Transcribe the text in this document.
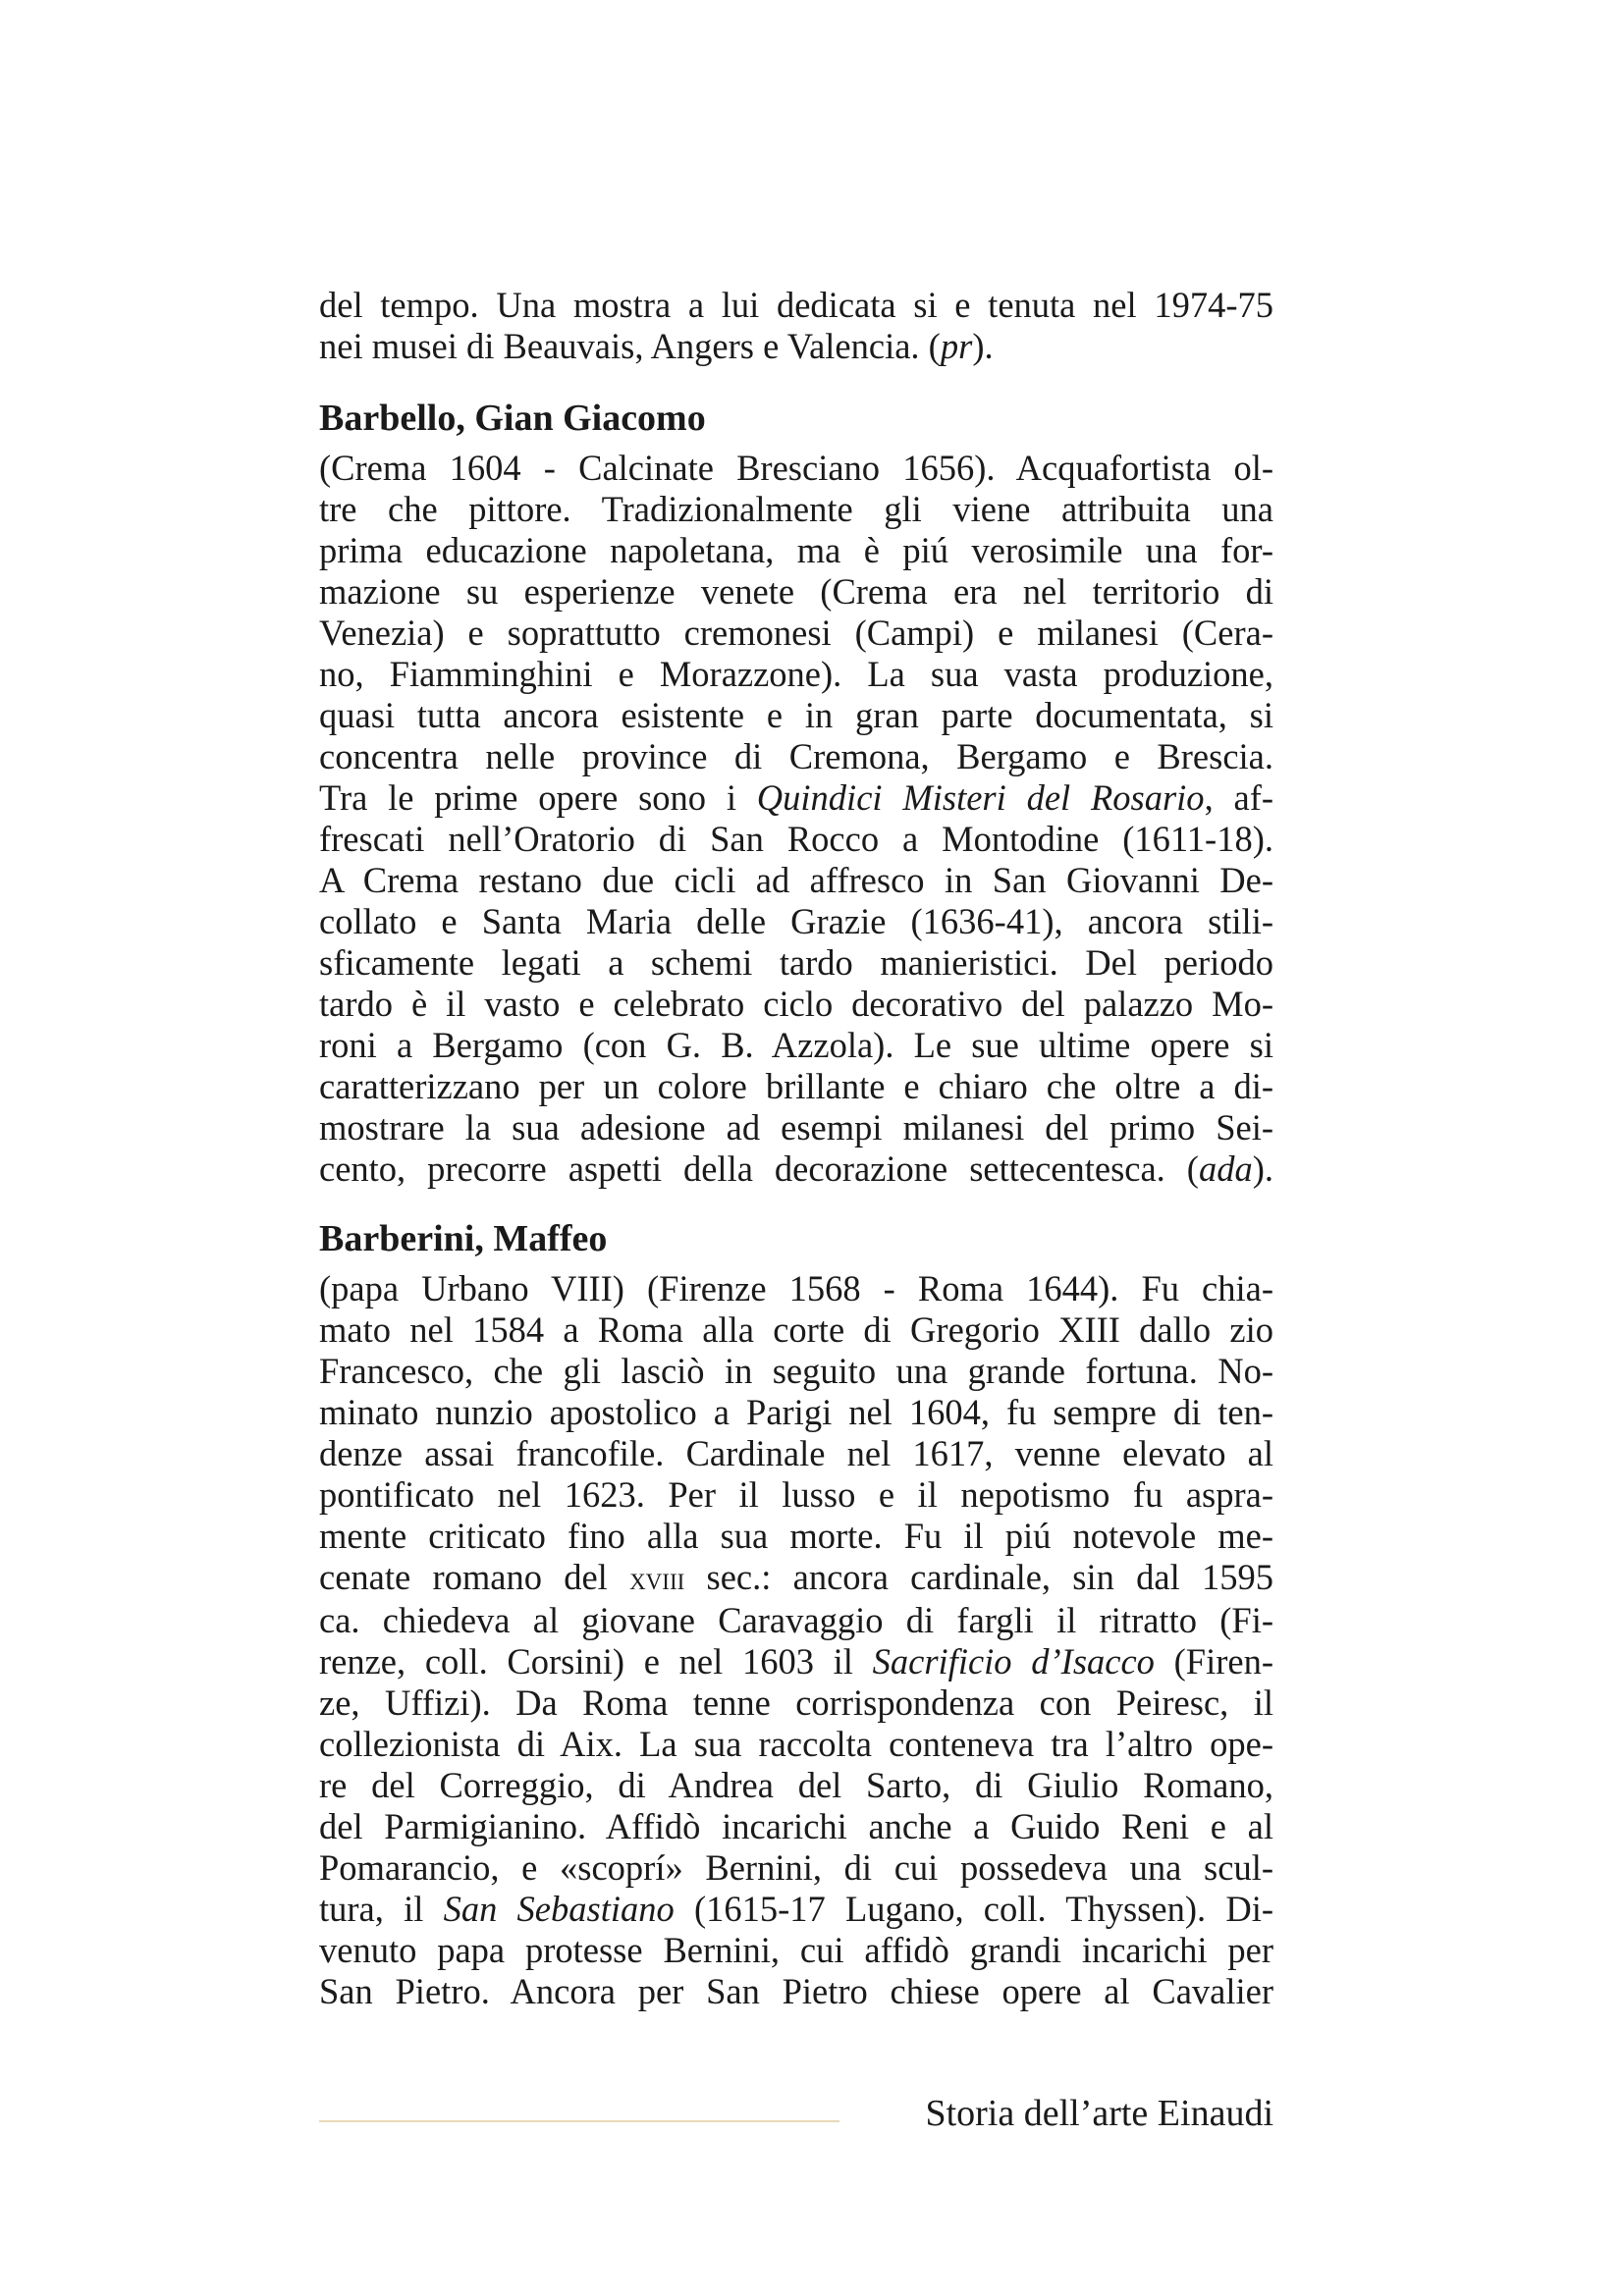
del tempo. Una mostra a lui dedicata si e tenuta nel 1974-75
nei musei di Beauvais, Angers e Valencia. (pr).

Barbello, Gian Giacomo

(Crema 1604 - Calcinate Bresciano 1656). Acquafortista ol-
tre che pittore. Tradizionalmente gli viene attribuita una
prima educazione napoletana, ma è piú verosimile una for-
mazione su esperienze venete (Crema era nel territorio di
Venezia) e soprattutto cremonesi (Campi) e milanesi (Cera-
no, Fiamminghini e Morazzone). La sua vasta produzione,
quasi tutta ancora esistente e in gran parte documentata, si
concentra nelle province di Cremona, Bergamo e Brescia.
Tra le prime opere sono i Quindici Misteri del Rosario, af-
frescati nell’Oratorio di San Rocco a Montodine (1611-18).
A Crema restano due cicli ad affresco in San Giovanni De-
collato e Santa Maria delle Grazie (1636-41), ancora stili-
sficamente legati a schemi tardo manieristici. Del periodo
tardo è il vasto e celebrato ciclo decorativo del palazzo Mo-
roni a Bergamo (con G. B. Azzola). Le sue ultime opere si
caratterizzano per un colore brillante e chiaro che oltre a di-
mostrare la sua adesione ad esempi milanesi del primo Sei-
cento, precorre aspetti della decorazione settecentesca. (ada).

Barberini, Maffeo

(papa Urbano VIII) (Firenze 1568 - Roma 1644). Fu chia-
mato nel 1584 a Roma alla corte di Gregorio XIII dallo zio
Francesco, che gli lasciò in seguito una grande fortuna. No-
minato nunzio apostolico a Parigi nel 1604, fu sempre di ten-
denze assai francofile. Cardinale nel 1617, venne elevato al
pontificato nel 1623. Per il lusso e il nepotismo fu aspra-
mente criticato fino alla sua morte. Fu il piú notevole me-
cenate romano del xviii sec.: ancora cardinale, sin dal 1595
ca. chiedeva al giovane Caravaggio di fargli il ritratto (Fi-
renze, coll. Corsini) e nel 1603 il Sacrificio d’Isacco (Firen-
ze, Uffizi). Da Roma tenne corrispondenza con Peiresc, il
collezionista di Aix. La sua raccolta conteneva tra l’altro ope-
re del Correggio, di Andrea del Sarto, di Giulio Romano,
del Parmigianino. Affidò incarichi anche a Guido Reni e al
Pomarancio, e «scoprí» Bernini, di cui possedeva una scul-
tura, il San Sebastiano (1615-17 Lugano, coll. Thyssen). Di-
venuto papa protesse Bernini, cui affidò grandi incarichi per
San Pietro. Ancora per San Pietro chiese opere al Cavalier

Storia dell’arte Einaudi
